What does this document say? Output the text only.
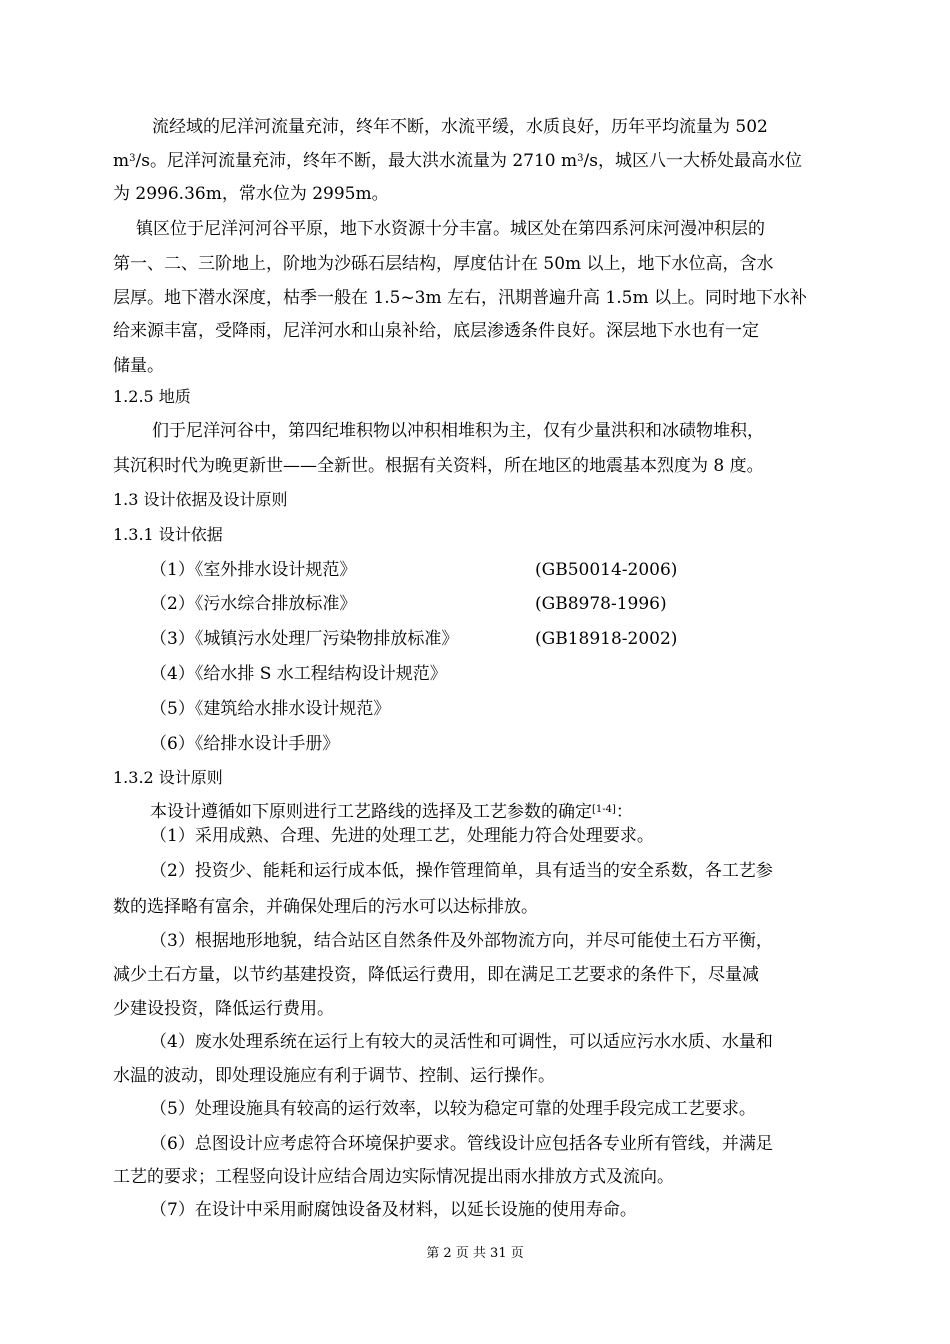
流经域的尼洋河流量充沛，终年不断，水流平缓，水质良好，历年平均流量为 502
$m^3/s$。尼洋河流量充沛，终年不断，最大洪水流量为 2710 $m^3/s$，城区八一大桥处最高水位
为 2996.36m，常水位为 2995m。
镇区位于尼洋河河谷平原，地下水资源十分丰富。城区处在第四系河床河漫冲积层的
第一、二、三阶地上，阶地为沙砾石层结构，厚度估计在 50m 以上，地下水位高，含水
层厚。地下潜水深度，枯季一般在 1.5~3m 左右，汛期普遍升高 1.5m 以上。同时地下水补
给来源丰富，受降雨，尼洋河水和山泉补给，底层渗透条件良好。深层地下水也有一定
储量。
1.2.5 地质
们于尼洋河谷中，第四纪堆积物以冲积相堆积为主，仅有少量洪积和冰碛物堆积，
其沉积时代为晚更新世——全新世。根据有关资料，所在地区的地震基本烈度为 8 度。
1.3 设计依据及设计原则
1.3.1 设计依据
（1）《室外排水设计规范》	(GB50014-2006)
（2）《污水综合排放标准》	(GB8978-1996)
（3）《城镇污水处理厂污染物排放标准》	(GB18918-2002)
（4）《给水排 S 水工程结构设计规范》
（5）《建筑给水排水设计规范》
（6）《给排水设计手册》
1.3.2 设计原则
本设计遵循如下原则进行工艺路线的选择及工艺参数的确定[1-4]：
（1）采用成熟、合理、先进的处理工艺，处理能力符合处理要求。
（2）投资少、能耗和运行成本低，操作管理简单，具有适当的安全系数，各工艺参
数的选择略有富余，并确保处理后的污水可以达标排放。
（3）根据地形地貌，结合站区自然条件及外部物流方向，并尽可能使土石方平衡，
减少土石方量，以节约基建投资，降低运行费用，即在满足工艺要求的条件下，尽量减
少建设投资，降低运行费用。
（4）废水处理系统在运行上有较大的灵活性和可调性，可以适应污水水质、水量和
水温的波动，即处理设施应有利于调节、控制、运行操作。
（5）处理设施具有较高的运行效率，以较为稳定可靠的处理手段完成工艺要求。
（6）总图设计应考虑符合环境保护要求。管线设计应包括各专业所有管线，并满足
工艺的要求；工程竖向设计应结合周边实际情况提出雨水排放方式及流向。
（7）在设计中采用耐腐蚀设备及材料，以延长设施的使用寿命。
第 2 页 共 31 页
